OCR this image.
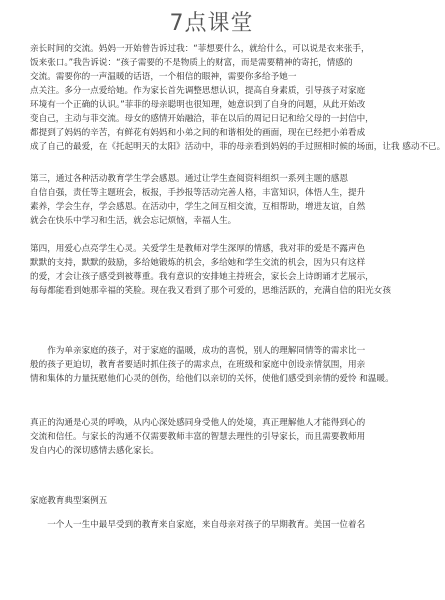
7点课堂
亲长时间的交流。妈妈一开始曾告诉过我：“菲想要什么，就给什么，可以说是衣来张手，
饭来张口。”我告诉说：“孩子需要的不是物质上的财富，而是需要精神的寄托，情感的
交流。需要你的一声温暖的话语，一个相信的眼神，需要你多给予她一
点关注。多分一点爱给她。作为家长首先调整思想认识，提高自身素质，引导孩子对家庭
环境有一个正确的认识。”菲菲的母亲聪明也很知理，她意识到了自身的问题，从此开始改
变自己，主动与菲交流。母女的感情开始融洽，菲在以后的周记日记和给父母的一封信中，
都提到了妈妈的辛苦，有鲜花有妈妈和小弟之间的和谐相处的画面，现在已经把小弟看成
成了自己的最爱，在《托起明天的太阳》活动中，菲的母亲看到妈妈的手过照相时候的场面，让我 感动不已。
第三，通过各种活动教育学生学会感恩。通过让学生查阅资料组织一系列主题的感恩
自信自强，责任等主题班会，板报，手抄报等活动完善人格，丰富知识，体悟人生，提升
素养，学会生存，学会感恩。在活动中，学生之间互相交流，互相帮助，增进友谊，自然
就会在快乐中学习和生活，就会忘记烦恼，幸福人生。
第四，用爱心点亮学生心灵。关爱学生是教师对学生深厚的情感，我对菲的爱是不露声色
默默的支持，默默的鼓励，多给她锻炼的机会，多给她和学生交流的机会，因为只有这样
的爱，才会让孩子感受到被尊重。我有意识的安排她主持班会，家长会上诗朗诵才艺展示，
每每都能看到她那幸福的笑脸。现在我又看到了那个可爱的，思维活跃的，充满自信的阳光女孩
作为单亲家庭的孩子，对于家庭的温暖，成功的喜悦，别人的理解同情等的需求比一
般的孩子更迫切，教育者要适时抓住孩子的需求点，在班级和家庭中创设亲情氛围，用亲
情和集体的力量抚慰他们心灵的创伤，给他们以亲切的关怀，使他们感受到亲情的爱怜 和温暖。
真正的沟通是心灵的呼唤，从内心深处感同身受他人的处境，真正理解他人才能得到心的
交流和信任。与家长的沟通不仅需要教师丰富的智慧去理性的引导家长，而且需要教师用
发自内心的深切感情去感化家长。
家庭教育典型案例五
一个人一生中最早受到的教育来自家庭，来自母亲对孩子的早期教育。美国一位着名
